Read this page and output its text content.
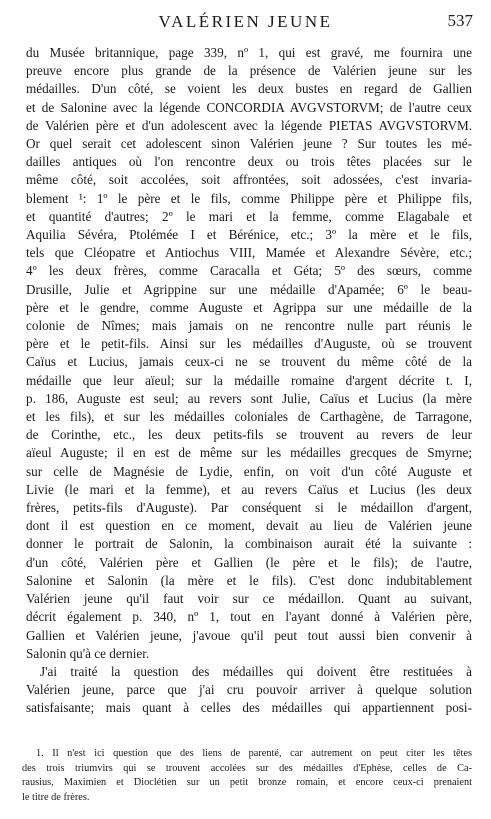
VALÉRIEN JEUNE	537
du Musée britannique, page 339, nº 1, qui est gravé, me fournira une
preuve encore plus grande de la présence de Valérien jeune sur les
médailles. D'un côté, se voient les deux bustes en regard de Gallien
et de Salonine avec la légende CONCORDIA AVGVSTORVM; de l'autre ceux
de Valérien père et d'un adolescent avec la légende PIETAS AVGVSTORVM.
Or quel serait cet adolescent sinon Valérien jeune ? Sur toutes les mé-
dailles antiques où l'on rencontre deux ou trois têtes placées sur le
même côté, soit accolées, soit affrontées, soit adossées, c'est invaria-
blement ¹: 1º le père et le fils, comme Philippe père et Philippe fils,
et quantité d'autres; 2º le mari et la femme, comme Elagabale et
Aquilia Sévéra, Ptolémée I et Bérénice, etc.; 3º la mère et le fils,
tels que Cléopatre et Antiochus VIII, Mamée et Alexandre Sévère, etc.;
4º les deux frères, comme Caracalla et Géta; 5º des sœurs, comme
Drusille, Julie et Agrippine sur une médaille d'Apamée; 6º le beau-
père et le gendre, comme Auguste et Agrippa sur une médaille de la
colonie de Nîmes; mais jamais on ne rencontre nulle part réunis le
père et le petit-fils. Ainsi sur les médailles d'Auguste, où se trouvent
Caïus et Lucius, jamais ceux-ci ne se trouvent du même côté de la
médaille que leur aïeul; sur la médaille romaine d'argent décrite t. I,
p. 186, Auguste est seul; au revers sont Julie, Caïus et Lucius (la mère
et les fils), et sur les médailles coloniales de Carthagène, de Tarragone,
de Corinthe, etc., les deux petits-fils se trouvent au revers de leur
aïeul Auguste; il en est de même sur les médailles grecques de Smyrne;
sur celle de Magnésie de Lydie, enfin, on voit d'un côté Auguste et
Livie (le mari et la femme), et au revers Caïus et Lucius (les deux
frères, petits-fils d'Auguste). Par conséquent si le médaillon d'argent,
dont il est question en ce moment, devait au lieu de Valérien jeune
donner le portrait de Salonin, la combinaison aurait été la suivante :
d'un côté, Valérien père et Gallien (le père et le fils); de l'autre,
Salonine et Salonin (la mère et le fils). C'est donc indubitablement
Valérien jeune qu'il faut voir sur ce médaillon. Quant au suivant,
décrit également p. 340, nº 1, tout en l'ayant donné à Valérien père,
Gallien et Valérien jeune, j'avoue qu'il peut tout aussi bien convenir à
Salonin qu'à ce dernier.
J'ai traité la question des médailles qui doivent être restituées à
Valérien jeune, parce que j'ai cru pouvoir arriver à quelque solution
satisfaisante; mais quant à celles des médailles qui appartiennent posi-
1. Il n'est ici question que des liens de parenté, car autrement on peut citer les têtes
des trois triumvirs qui se trouvent accolées sur des médailles d'Ephèse, celles de Ca-
rausius, Maximien et Dioclétien sur un petit bronze romain, et encore ceux-ci prenaient
le titre de frères.
